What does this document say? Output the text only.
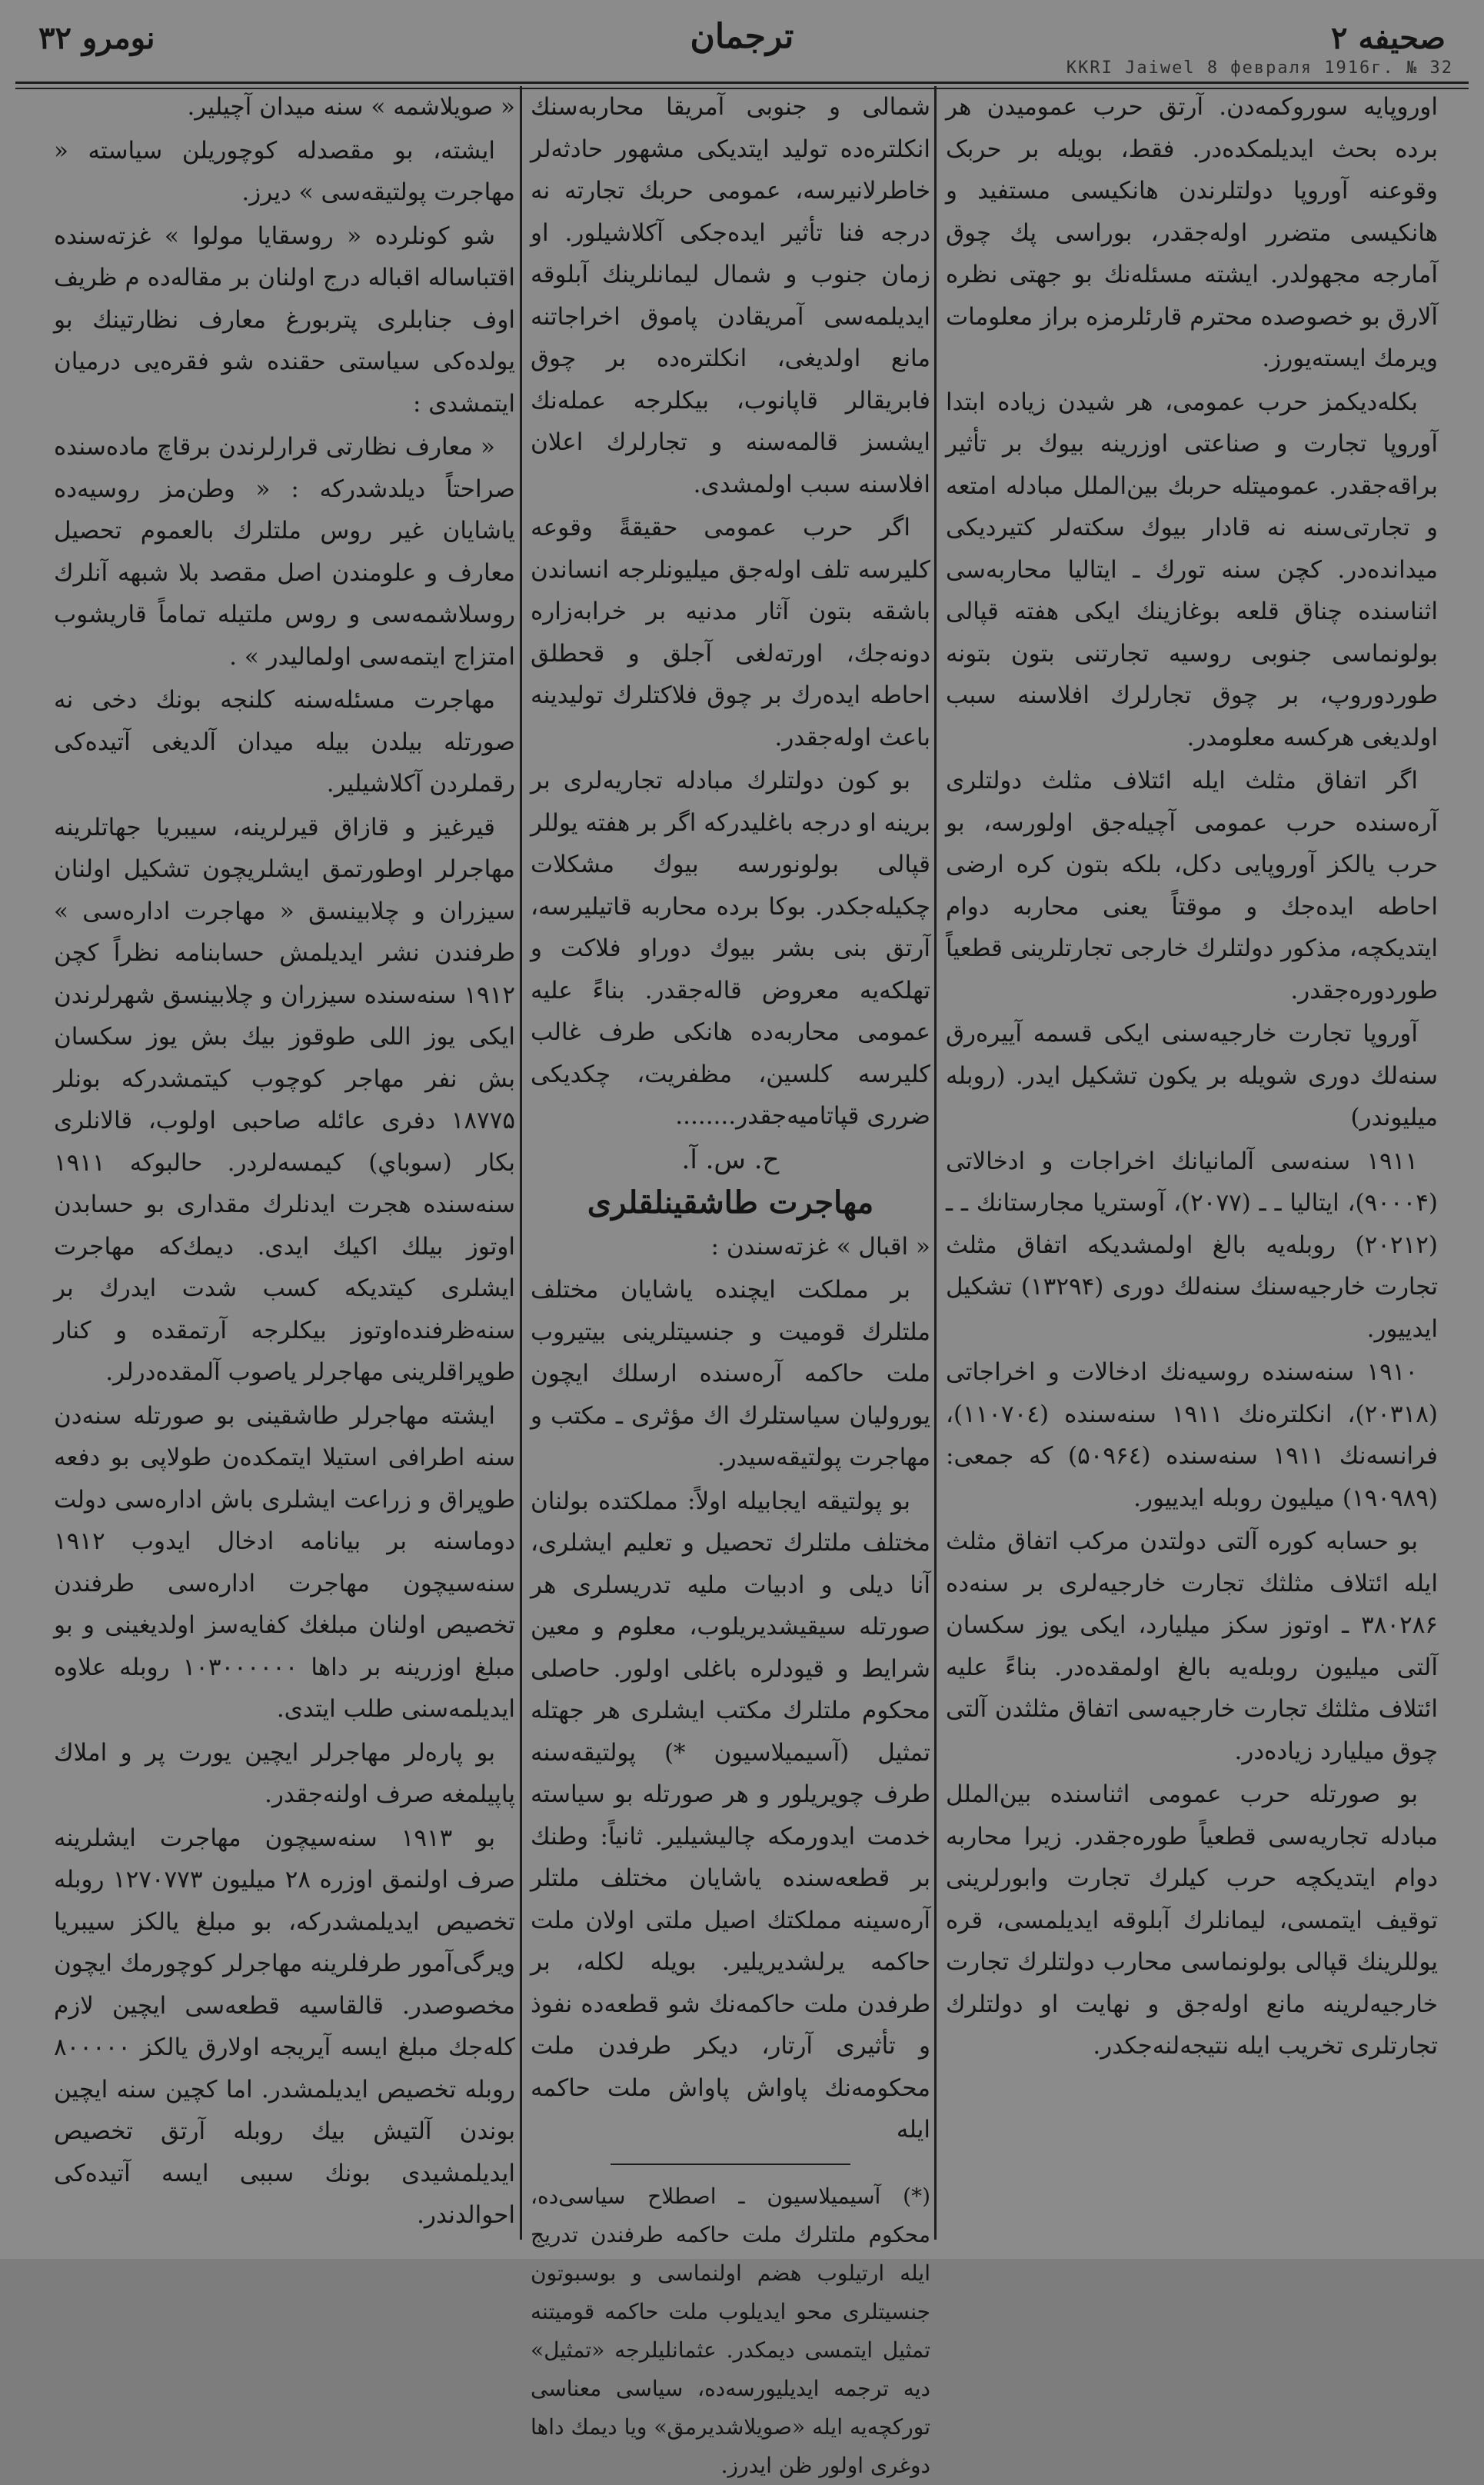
صحیفه ۲
ترجمان
نومرو ۳۲
KKRI Jaiwel 8 февраля 1916г. № 32

اوروپایه سوروکمه‌دن. آرتق حرب عمومیدن هر برده بحث ایدیلمکده‌در. فقط، بویله بر حربک وقوعنه آوروپا دولتلرندن هانکیسی مستفید و هانکیسی متضرر اوله‌جقدر، بوراسی پك چوق آمارجه مجهولدر. ایشته مسئله‌نك بو جهتی نظره آلارق بو خصوصده محترم قارئلرمزه براز معلومات ویرمك ایسته‌یورز.

بکله‌دیکمز حرب عمومی، هر شیدن زیاده ابتدا آوروپا تجارت و صناعتی اوزرینه بیوك بر تأثیر براقه‌جقدر. عمومیتله حربك بین‌الملل مبادله امتعه و تجارتی‌سنه نه قادار بیوك سکته‌لر کتیردیکی میدانده‌در. کچن سنه تورك ـ ایتالیا محاربه‌سی اثناسنده چناق قلعه بوغازینك ایکی هفته قپالی بولونماسی جنوبی روسیه تجارتنی بتون بتونه طوردوروپ، بر چوق تجارلرك افلاسنه سبب اولدیغی هرکسه معلومدر.

اگر اتفاق مثلث ایله ائتلاف مثلث دولتلری آره‌سنده حرب عمومی آچیله‌جق اولورسه، بو حرب یالکز آوروپایی دکل، بلکه بتون کره ارضی احاطه ایده‌جك و موقتاً یعنی محاربه دوام ایتدیکچه، مذکور دولتلرك خارجی تجارتلرینی قطعیاً طوردوره‌جقدر.

آوروپا تجارت خارجیه‌سنی ایکی قسمه آییره‌رق سنه‌لك دوری شویله بر یکون تشکیل ایدر. (روبله میلیوندر)

۱۹۱۱ سنه‌سی آلمانیانك اخراجات و ادخالاتی (۹۰۰۰۴)، ایتالیا ـ ـ (۲۰۷۷)، آوستریا مجارستانك ـ ـ (۲۰۲۱۲) روبله‌یه بالغ اولمشدیکه اتفاق مثلث تجارت خارجیه‌سنك سنه‌لك دوری (۱۳۲۹۴) تشکیل ایدییور.

۱۹۱۰ سنه‌سنده روسیه‌نك ادخالات و اخراجاتی (۲۰۳۱۸)، انکلتره‌نك ۱۹۱۱ سنه‌سنده (۱۱۰۷۰٤)، فرانسه‌نك ۱۹۱۱ سنه‌سنده (۵۰۹۶٤) که جمعی: (۱۹۰۹۸۹) میلیون روبله ایدییور.

بو حسابه کوره آلتی دولتدن مرکب اتفاق مثلث ایله ائتلاف مثلثك تجارت خارجیه‌لری بر سنه‌ده ۳۸۰۲۸۶ ـ اوتوز سکز میلیارد، ایکی یوز سکسان آلتی میلیون روبله‌یه بالغ اولمقده‌در. بناءً علیه ائتلاف مثلثك تجارت خارجیه‌سی اتفاق مثلثدن آلتی چوق میلیارد زیاده‌در.

بو صورتله حرب عمومی اثناسنده بین‌الملل مبادله تجاریه‌سی قطعیاً طوره‌جقدر. زیرا محاربه دوام ایتدیکچه حرب کیلرك تجارت وابورلرینی توقیف ایتمسی، لیمانلرك آبلوقه ایدیلمسی، قره یوللرینك قپالی بولونماسی محارب دولتلرك تجارت خارجیه‌لرینه مانع اوله‌جق و نهایت او دولتلرك تجارتلری تخریب ایله نتیجه‌لنه‌جکدر.

شمالی و جنوبی آمریقا محاربه‌سنك انکلتره‌ده تولید ایتدیکی مشهور حادثه‌لر خاطرلانیرسه، عمومی حربك تجارته نه درجه فنا تأثیر ایده‌جکی آکلاشیلور. او زمان جنوب و شمال لیمانلرینك آبلوقه ایدیلمه‌سی آمریقادن پاموق اخراجاتنه مانع اولدیغی، انکلتره‌ده بر چوق فابریقالر قاپانوب، بیکلرجه عمله‌نك ایشسز قالمه‌سنه و تجارلرك اعلان افلاسنه سبب اولمشدی.

اگر حرب عمومی حقیقةً وقوعه کلیرسه تلف اوله‌جق میلیونلرجه انساندن باشقه بتون آثار مدنیه بر خرابه‌زاره دونه‌جك، اورته‌لغی آجلق و قحطلق احاطه ایده‌رك بر چوق فلاکتلرك تولیدینه باعث اوله‌جقدر.

بو کون دولتلرك مبادله تجاریه‌لری بر برینه او درجه باغلیدرکه اگر بر هفته یوللر قپالی بولونورسه بیوك مشکلات چکیله‌جکدر. بوکا برده محاربه قاتیلیرسه، آرتق بنی بشر بیوك دوراو فلاکت و تهلکه‌یه معروض قاله‌جقدر. بناءً علیه عمومی محاربه‌ده هانکی طرف غالب کلیرسه کلسین، مظفریت، چکدیکی ضرری قپاتامیه‌جقدر........

ح. س. آ.

مهاجرت طاشقینلقلری

« اقبال » غزته‌سندن :

بر مملکت ایچنده یاشایان مختلف ملتلرك قومیت و جنسیتلرینی بیتیروب ملت حاکمه آره‌سنده ارسلك ایچون یورولیان سیاستلرك اك مؤثری ـ مکتب و مهاجرت پولتیقه‌سیدر.

بو پولتیقه ایجابیله اولاً: مملکتده بولنان مختلف ملتلرك تحصیل و تعلیم ایشلری، آنا دیلی و ادبیات ملیه تدریسلری هر صورتله سیقیشدیریلوب، معلوم و معین شرایط و قیودلره باغلی اولور. حاصلی محکوم ملتلرك مکتب ایشلری هر جهتله تمثیل (آسیمیلاسیون *) پولتیقه‌سنه طرف چویریلور و هر صورتله بو سیاسته خدمت ایدورمکه چالیشیلیر. ثانیاً: وطنك بر قطعه‌سنده یاشایان مختلف ملتلر آره‌سینه مملکتك اصیل ملتی اولان ملت حاکمه یرلشدیریلیر. بویله لکله، بر طرفدن ملت حاکمه‌نك شو قطعه‌ده نفوذ و تأثیری آرتار، دیکر طرفدن ملت محکومه‌نك پاواش پاواش ملت حاکمه ایله

(*) آسیمیلاسیون ـ اصطلاح سیاسی‌ده، محکوم ملتلرك ملت حاکمه طرفندن تدریج ایله ارتیلوب هضم اولنماسی و بوسبوتون جنسیتلری محو ایدیلوب ملت حاکمه قومیتنه تمثیل ایتمسی دیمکدر. عثمانلیلرجه «تمثیل» دیه ترجمه ایدیلیور‌سه‌ده، سیاسی معناسی تورکچه‌یه ایله «صویلاشدیرمق» ویا دیمك داها دوغری اولور ظن ایدرز.

« صویلاشمه » سنه میدان آچیلیر.

ایشته، بو مقصدله کوچوریلن سیاسته « مهاجرت پولتیقه‌سی » دیرز.

شو کونلرده « روسقایا مولوا » غزته‌سنده اقتباساله اقباله درج اولنان بر مقاله‌ده م ظریف اوف جنابلری پتربورغ معارف نظارتینك بو یولده‌کی سیاستی حقنده شو فقره‌یی درمیان ایتمشدی :

« معارف نظارتی قرارلرندن برقاچ ماده‌سنده صراحتاً دیلدشدرکه : « وطن‌مز روسیه‌ده یاشایان غیر روس ملتلرك بالعموم تحصیل معارف و علومندن اصل مقصد بلا شبهه آنلرك روسلاشمه‌سی و روس ملتیله تماماً قاریشوب امتزاج ایتمه‌سی اولمالیدر » .

مهاجرت مسئله‌سنه کلنجه بونك دخی نه صورتله بیلدن بیله میدان آلدیغی آتیده‌کی رقملردن آکلاشیلیر.

قیرغیز و قازاق قیرلرینه، سیبریا جهاتلرینه مهاجرلر اوطورتمق ایشلریچون تشکیل اولنان سیزران و چلابینسق « مهاجرت اداره‌سی » طرفندن نشر ایدیلمش حسابنامه نظراً کچن ۱۹۱۲ سنه‌سنده سیزران و چلابینسق شهرلرندن ایکی یوز اللی طوقوز بیك بش یوز سکسان بش نفر مهاجر کوچوب کیتمشدرکه بونلر ۱۸۷۷۵ دفری عائله صاحبی اولوب، قالانلری بکار (سوباي) کیمسه‌لردر. حالبوکه ۱۹۱۱ سنه‌سنده هجرت ایدنلرك مقداری بو حسابدن اوتوز بیلك اکیك ایدی. دیمك‌که مهاجرت ایشلری کیتدیکه کسب شدت ایدرك بر سنه‌ظرفنده‌اوتوز بیکلرجه آرتمقده و کنار طوپراقلرینی مهاجرلر یاصوب آلمقده‌درلر.

ایشته مهاجرلر طاشقینی بو صورتله سنه‌دن سنه اطرافی استیلا ایتمکده‌ن طولاپی بو دفعه طوپراق و زراعت ایشلری باش اداره‌سی دولت دوماسنه بر بیانامه ادخال ایدوب ۱۹۱۲ سنه‌سیچون مهاجرت اداره‌سی طرفندن تخصیص اولنان مبلغك کفایه‌سز اولدیغینی و بو مبلغ اوزرینه بر داها ۱۰۳۰۰۰۰۰۰ روبله علاوه ایدیلمه‌سنی طلب ایتدی.

بو پاره‌لر مهاجرلر ایچین یورت پر و املاك پاپیلمغه صرف اولنه‌جقدر.

بو ۱۹۱۳ سنه‌سیچون مهاجرت ایشلرینه صرف اولنمق اوزره ۲۸ میلیون ۱۲۷۰۷۷۳ روبله تخصیص ایدیلمشدرکه، بو مبلغ یالکز سیبریا ویرگی‌آمور طرفلرینه مهاجرلر کوچورمك ایچون مخصوصدر. قالقاسیه قطعه‌سی ایچین لازم کله‌جك مبلغ ایسه آیریجه اولارق یالکز ۸۰۰۰۰۰ روبله تخصیص ایدیلمشدر. اما کچین سنه ایچین بوندن آلتیش بیك روبله آرتق تخصیص ایدیلمشیدی بونك سببی ایسه آتیده‌کی احوالدندر.
